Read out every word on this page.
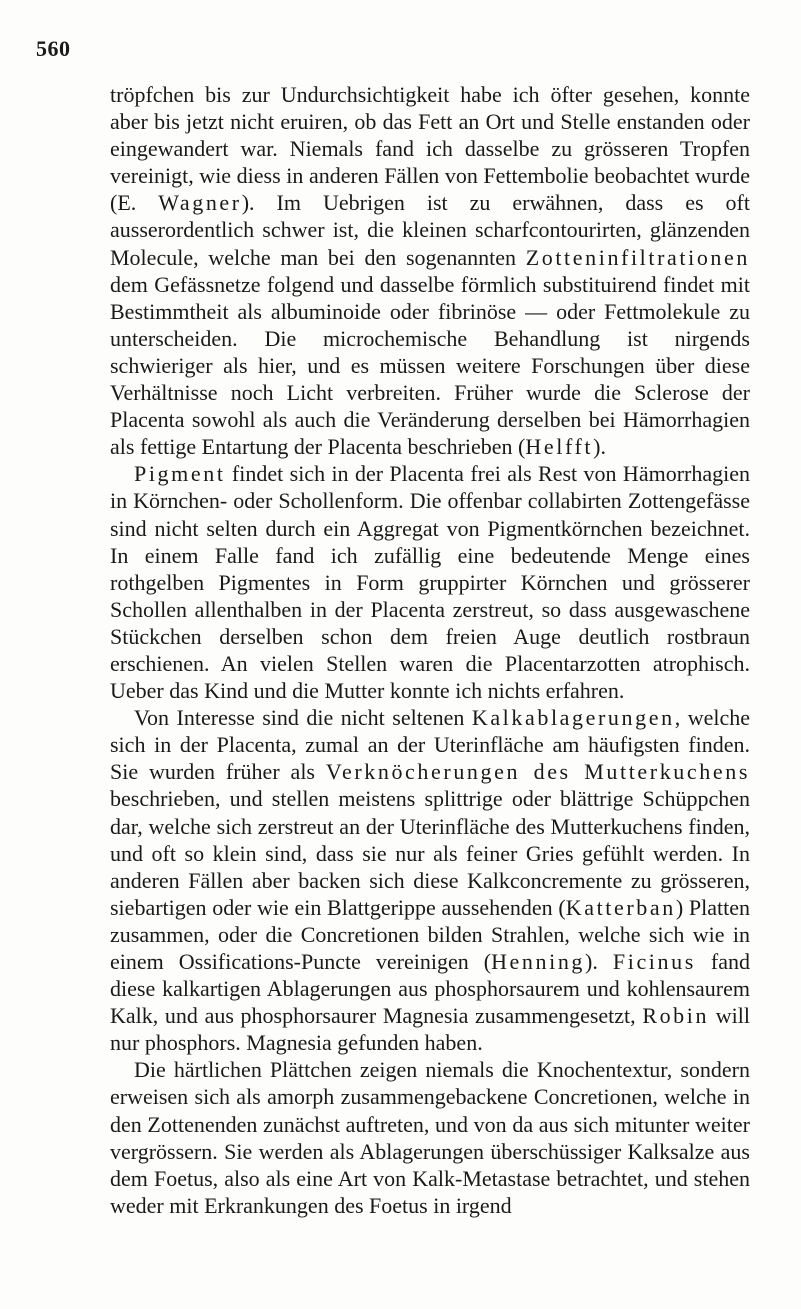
560

tröpfchen bis zur Undurchsichtigkeit habe ich öfter gesehen, konnte aber bis jetzt nicht eruiren, ob das Fett an Ort und Stelle enstanden oder eingewandert war. Niemals fand ich dasselbe zu grösseren Tropfen vereinigt, wie diess in anderen Fällen von Fettembolie beobachtet wurde (E. Wagner). Im Uebrigen ist zu erwähnen, dass es oft ausserordentlich schwer ist, die kleinen scharfcontourirten, glänzenden Molecule, welche man bei den sogenannten Zotteninfiltrationen dem Gefässnetze folgend und dasselbe förmlich substituirend findet mit Bestimmtheit als albuminoide oder fibrinöse — oder Fettmolekule zu unterscheiden. Die microchemische Behandlung ist nirgends schwieriger als hier, und es müssen weitere Forschungen über diese Verhältnisse noch Licht verbreiten. Früher wurde die Sclerose der Placenta sowohl als auch die Veränderung derselben bei Hämorrhagien als fettige Entartung der Placenta beschrieben (Helfft).

Pigment findet sich in der Placenta frei als Rest von Hämorrhagien in Körnchen- oder Schollenform. Die offenbar collabirten Zottengefässe sind nicht selten durch ein Aggregat von Pigmentkörnchen bezeichnet. In einem Falle fand ich zufällig eine bedeutende Menge eines rothgelben Pigmentes in Form gruppirter Körnchen und grösserer Schollen allenthalben in der Placenta zerstreut, so dass ausgewaschene Stückchen derselben schon dem freien Auge deutlich rostbraun erschienen. An vielen Stellen waren die Placentarzotten atrophisch. Ueber das Kind und die Mutter konnte ich nichts erfahren.

Von Interesse sind die nicht seltenen Kalkablagerungen, welche sich in der Placenta, zumal an der Uterinfläche am häufigsten finden. Sie wurden früher als Verknöcherungen des Mutterkuchens beschrieben, und stellen meistens splittrige oder blättrige Schüppchen dar, welche sich zerstreut an der Uterinfläche des Mutterkuchens finden, und oft so klein sind, dass sie nur als feiner Gries gefühlt werden. In anderen Fällen aber backen sich diese Kalkconcremente zu grösseren, siebartigen oder wie ein Blattgerippe aussehenden (Katterban) Platten zusammen, oder die Concretionen bilden Strahlen, welche sich wie in einem Ossifications-Puncte vereinigen (Henning). Ficinus fand diese kalkartigen Ablagerungen aus phosphorsaurem und kohlensaurem Kalk, und aus phosphorsaurer Magnesia zusammengesetzt, Robin will nur phosphors. Magnesia gefunden haben.

Die härtlichen Plättchen zeigen niemals die Knochentextur, sondern erweisen sich als amorph zusammengebackene Concretionen, welche in den Zottenenden zunächst auftreten, und von da aus sich mitunter weiter vergrössern. Sie werden als Ablagerungen überschüssiger Kalksalze aus dem Foetus, also als eine Art von Kalk-Metastase betrachtet, und stehen weder mit Erkrankungen des Foetus in irgend
